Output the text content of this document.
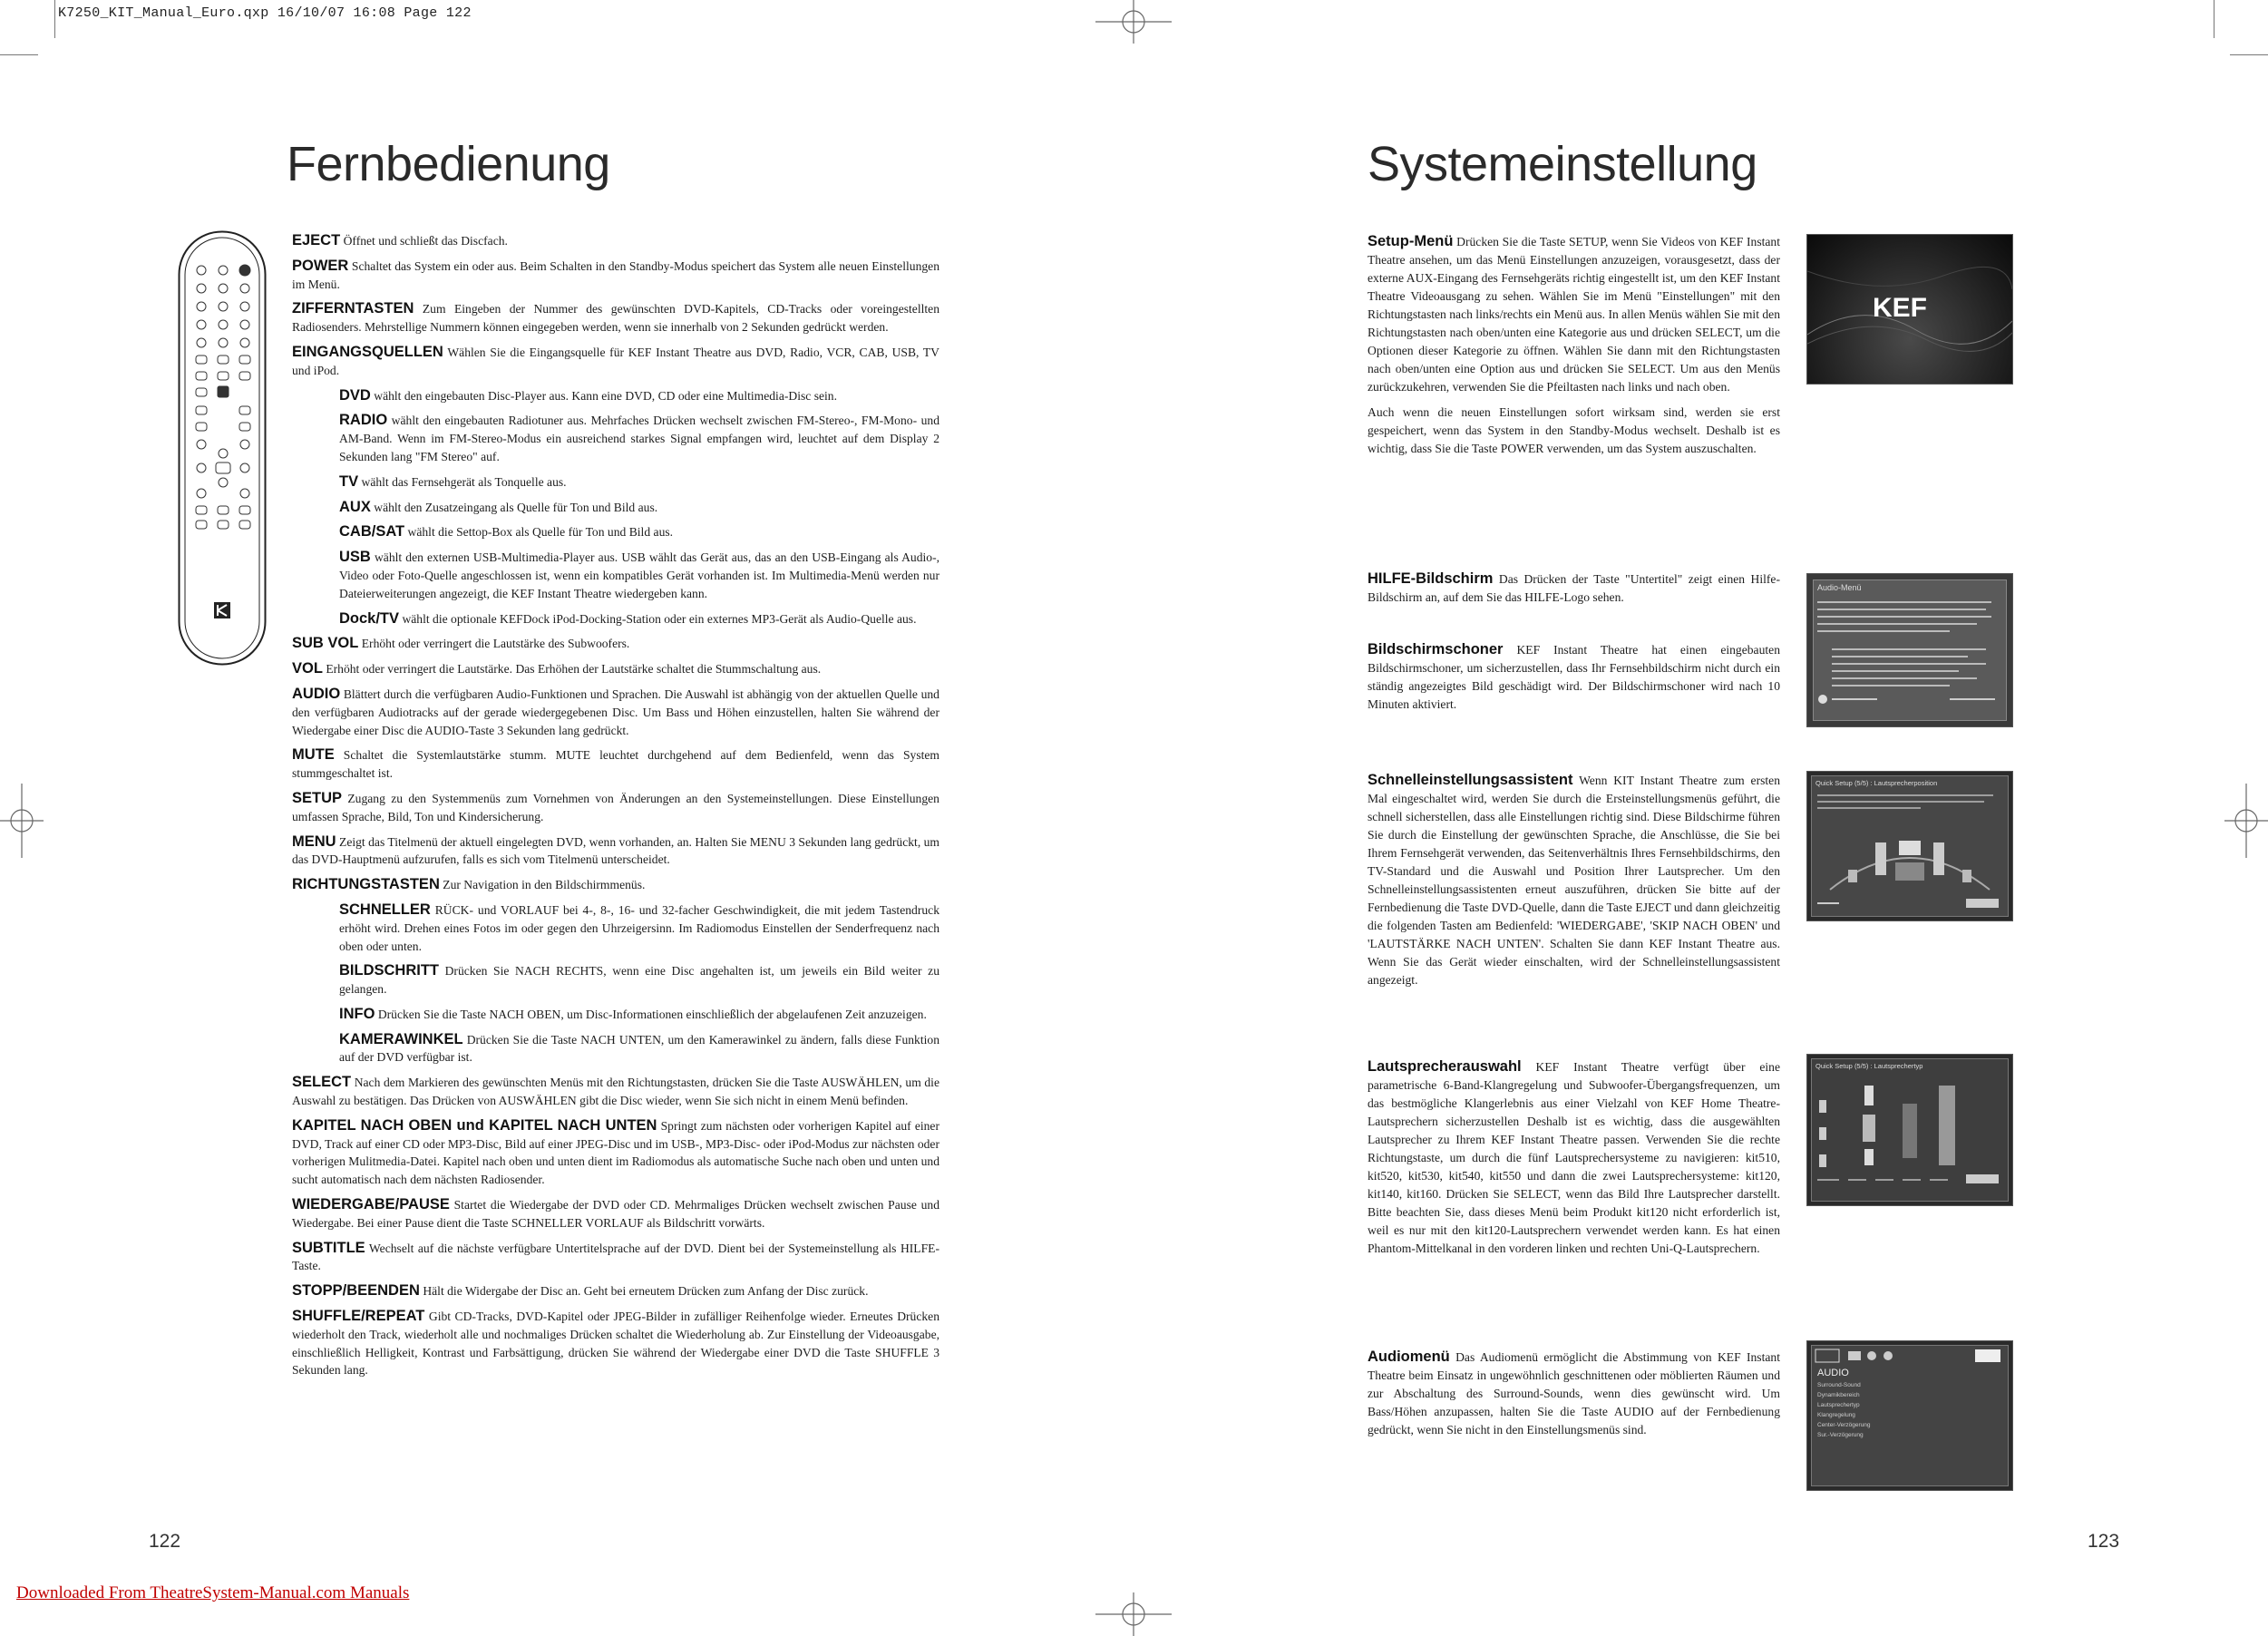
K7250_KIT_Manual_Euro.qxp 16/10/07 16:08 Page 122
Fernbedienung

EJECT Öffnet und schließt das Discfach.

POWER Schaltet das System ein oder aus. Beim Schalten in den Standby-Modus speichert das System alle neuen Einstellungen im Menü.

ZIFFERNTASTEN Zum Eingeben der Nummer des gewünschten DVD-Kapitels, CD-Tracks oder voreingestellten Radiosenders. Mehrstellige Nummern können eingegeben werden, wenn sie innerhalb von 2 Sekunden gedrückt werden.

EINGANGSQUELLEN Wählen Sie die Eingangsquelle für KEF Instant Theatre aus DVD, Radio, VCR, CAB, USB, TV und iPod.

DVD wählt den eingebauten Disc-Player aus. Kann eine DVD, CD oder eine Multimedia-Disc sein.

RADIO wählt den eingebauten Radiotuner aus. Mehrfaches Drücken wechselt zwischen FM-Stereo-, FM-Mono- und AM-Band. Wenn im FM-Stereo-Modus ein ausreichend starkes Signal empfangen wird, leuchtet auf dem Display 2 Sekunden lang "FM Stereo" auf.

TV wählt das Fernsehgerät als Tonquelle aus.

AUX wählt den Zusatzeingang als Quelle für Ton und Bild aus.

CAB/SAT wählt die Settop-Box als Quelle für Ton und Bild aus.

USB wählt den externen USB-Multimedia-Player aus. USB wählt das Gerät aus, das an den USB-Eingang als Audio-, Video oder Foto-Quelle angeschlossen ist, wenn ein kompatibles Gerät vorhanden ist. Im Multimedia-Menü werden nur Dateierweiterungen angezeigt, die KEF Instant Theatre wiedergeben kann.

Dock/TV wählt die optionale KEFDock iPod-Docking-Station oder ein externes MP3-Gerät als Audio-Quelle aus.

SUB VOL Erhöht oder verringert die Lautstärke des Subwoofers.

VOL Erhöht oder verringert die Lautstärke. Das Erhöhen der Lautstärke schaltet die Stummschaltung aus.

AUDIO Blättert durch die verfügbaren Audio-Funktionen und Sprachen. Die Auswahl ist abhängig von der aktuellen Quelle und den verfügbaren Audiotracks auf der gerade wiedergegebenen Disc. Um Bass und Höhen einzustellen, halten Sie während der Wiedergabe einer Disc die AUDIO-Taste 3 Sekunden lang gedrückt.

MUTE Schaltet die Systemlautstärke stumm. MUTE leuchtet durchgehend auf dem Bedienfeld, wenn das System stummgeschaltet ist.

SETUP Zugang zu den Systemmenüs zum Vornehmen von Änderungen an den Systemeinstellungen. Diese Einstellungen umfassen Sprache, Bild, Ton und Kindersicherung.

MENU Zeigt das Titelmenü der aktuell eingelegten DVD, wenn vorhanden, an. Halten Sie MENU 3 Sekunden lang gedrückt, um das DVD-Hauptmenü aufzurufen, falls es sich vom Titelmenü unterscheidet.

RICHTUNGSTASTEN Zur Navigation in den Bildschirmmenüs.

SCHNELLER RÜCK- und VORLAUF bei 4-, 8-, 16- und 32-facher Geschwindigkeit, die mit jedem Tastendruck erhöht wird. Drehen eines Fotos im oder gegen den Uhrzeigersinn. Im Radiomodus Einstellen der Senderfrequenz nach oben oder unten.

BILDSCHRITT Drücken Sie NACH RECHTS, wenn eine Disc angehalten ist, um jeweils ein Bild weiter zu gelangen.

INFO Drücken Sie die Taste NACH OBEN, um Disc-Informationen einschließlich der abgelaufenen Zeit anzuzeigen.

KAMERAWINKEL Drücken Sie die Taste NACH UNTEN, um den Kamerawinkel zu ändern, falls diese Funktion auf der DVD verfügbar ist.

SELECT Nach dem Markieren des gewünschten Menüs mit den Richtungstasten, drücken Sie die Taste AUSWÄHLEN, um die Auswahl zu bestätigen. Das Drücken von AUSWÄHLEN gibt die Disc wieder, wenn Sie sich nicht in einem Menü befinden.

KAPITEL NACH OBEN und KAPITEL NACH UNTEN Springt zum nächsten oder vorherigen Kapitel auf einer DVD, Track auf einer CD oder MP3-Disc, Bild auf einer JPEG-Disc und im USB-, MP3-Disc- oder iPod-Modus zur nächsten oder vorherigen Mulitmedia-Datei. Kapitel nach oben und unten dient im Radiomodus als automatische Suche nach oben und unten und sucht automatisch nach dem nächsten Radiosender.

WIEDERGABE/PAUSE Startet die Wiedergabe der DVD oder CD. Mehrmaliges Drücken wechselt zwischen Pause und Wiedergabe. Bei einer Pause dient die Taste SCHNELLER VORLAUF als Bildschritt vorwärts.

SUBTITLE Wechselt auf die nächste verfügbare Untertitelsprache auf der DVD. Dient bei der Systemeinstellung als HILFE-Taste.

STOPP/BEENDEN Hält die Widergabe der Disc an. Geht bei erneutem Drücken zum Anfang der Disc zurück.

SHUFFLE/REPEAT Gibt CD-Tracks, DVD-Kapitel oder JPEG-Bilder in zufälliger Reihenfolge wieder. Erneutes Drücken wiederholt den Track, wiederholt alle und nochmaliges Drücken schaltet die Wiederholung ab. Zur Einstellung der Videoausgabe, einschließlich Helligkeit, Kontrast und Farbsättigung, drücken Sie während der Wiedergabe einer DVD die Taste SHUFFLE 3 Sekunden lang.

122
Systemeinstellung

Setup-Menü Drücken Sie die Taste SETUP, wenn Sie Videos von KEF Instant Theatre ansehen, um das Menü Einstellungen anzuzeigen, vorausgesetzt, dass der externe AUX-Eingang des Fernsehgeräts richtig eingestellt ist, um den KEF Instant Theatre Videoausgang zu sehen. Wählen Sie im Menü "Einstellungen" mit den Richtungstasten nach links/rechts ein Menü aus. In allen Menüs wählen Sie mit den Richtungstasten nach oben/unten eine Kategorie aus und drücken SELECT, um die Optionen dieser Kategorie zu öffnen. Wählen Sie dann mit den Richtungstasten nach oben/unten eine Option aus und drücken Sie SELECT. Um aus den Menüs zurückzukehren, verwenden Sie die Pfeiltasten nach links und nach oben.

Auch wenn die neuen Einstellungen sofort wirksam sind, werden sie erst gespeichert, wenn das System in den Standby-Modus wechselt. Deshalb ist es wichtig, dass Sie die Taste POWER verwenden, um das System auszuschalten.

HILFE-Bildschirm Das Drücken der Taste "Untertitel" zeigt einen Hilfe-Bildschirm an, auf dem Sie das HILFE-Logo sehen.

Bildschirmschoner KEF Instant Theatre hat einen eingebauten Bildschirmschoner, um sicherzustellen, dass Ihr Fernsehbildschirm nicht durch ein ständig angezeigtes Bild geschädigt wird. Der Bildschirmschoner wird nach 10 Minuten aktiviert.

Schnelleinstellungsassistent Wenn KIT Instant Theatre zum ersten Mal eingeschaltet wird, werden Sie durch die Ersteinstellungsmenüs geführt, die schnell sicherstellen, dass alle Einstellungen richtig sind. Diese Bildschirme führen Sie durch die Einstellung der gewünschten Sprache, die Anschlüsse, die Sie bei Ihrem Fernsehgerät verwenden, das Seitenverhältnis Ihres Fernsehbildschirms, den TV-Standard und die Auswahl und Position Ihrer Lautsprecher. Um den Schnelleinstellungsassistenten erneut auszuführen, drücken Sie bitte auf der Fernbedienung die Taste DVD-Quelle, dann die Taste EJECT und dann gleichzeitig die folgenden Tasten am Bedienfeld: 'WIEDERGABE', 'SKIP NACH OBEN' und 'LAUTSTÄRKE NACH UNTEN'. Schalten Sie dann KEF Instant Theatre aus. Wenn Sie das Gerät wieder einschalten, wird der Schnelleinstellungsassistent angezeigt.

Lautsprecherauswahl KEF Instant Theatre verfügt über eine parametrische 6-Band-Klangregelung und Subwoofer-Übergangsfrequenzen, um das bestmögliche Klangerlebnis aus einer Vielzahl von KEF Home Theatre-Lautsprechern sicherzustellen Deshalb ist es wichtig, dass die ausgewählten Lautsprecher zu Ihrem KEF Instant Theatre passen. Verwenden Sie die rechte Richtungstaste, um durch die fünf Lautsprechersysteme zu navigieren: kit510, kit520, kit530, kit540, kit550 und dann die zwei Lautsprechersysteme: kit120, kit140, kit160. Drücken Sie SELECT, wenn das Bild Ihre Lautsprecher darstellt. Bitte beachten Sie, dass dieses Menü beim Produkt kit120 nicht erforderlich ist, weil es nur mit den kit120-Lautsprechern verwendet werden kann. Es hat einen Phantom-Mittelkanal in den vorderen linken und rechten Uni-Q-Lautsprechern.

Audiomenü Das Audiomenü ermöglicht die Abstimmung von KEF Instant Theatre beim Einsatz in ungewöhnlich geschnittenen oder möblierten Räumen und zur Abschaltung des Surround-Sounds, wenn dies gewünscht wird. Um Bass/Höhen anzupassen, halten Sie die Taste AUDIO auf der Fernbedienung gedrückt, wenn Sie nicht in den Einstellungsmenüs sind.

KEF
Audio-Menü
Quick Setup (5/5) : Lautsprecherposition
Quick Setup (5/5) : Lautsprechertyp
AUDIO
Surround-Sound
Dynamikbereich
Lautsprechertyp
Klangregelung
Center-Verzögerung
Sur.-Verzögerung
123
Downloaded From TheatreSystem-Manual.com Manuals
